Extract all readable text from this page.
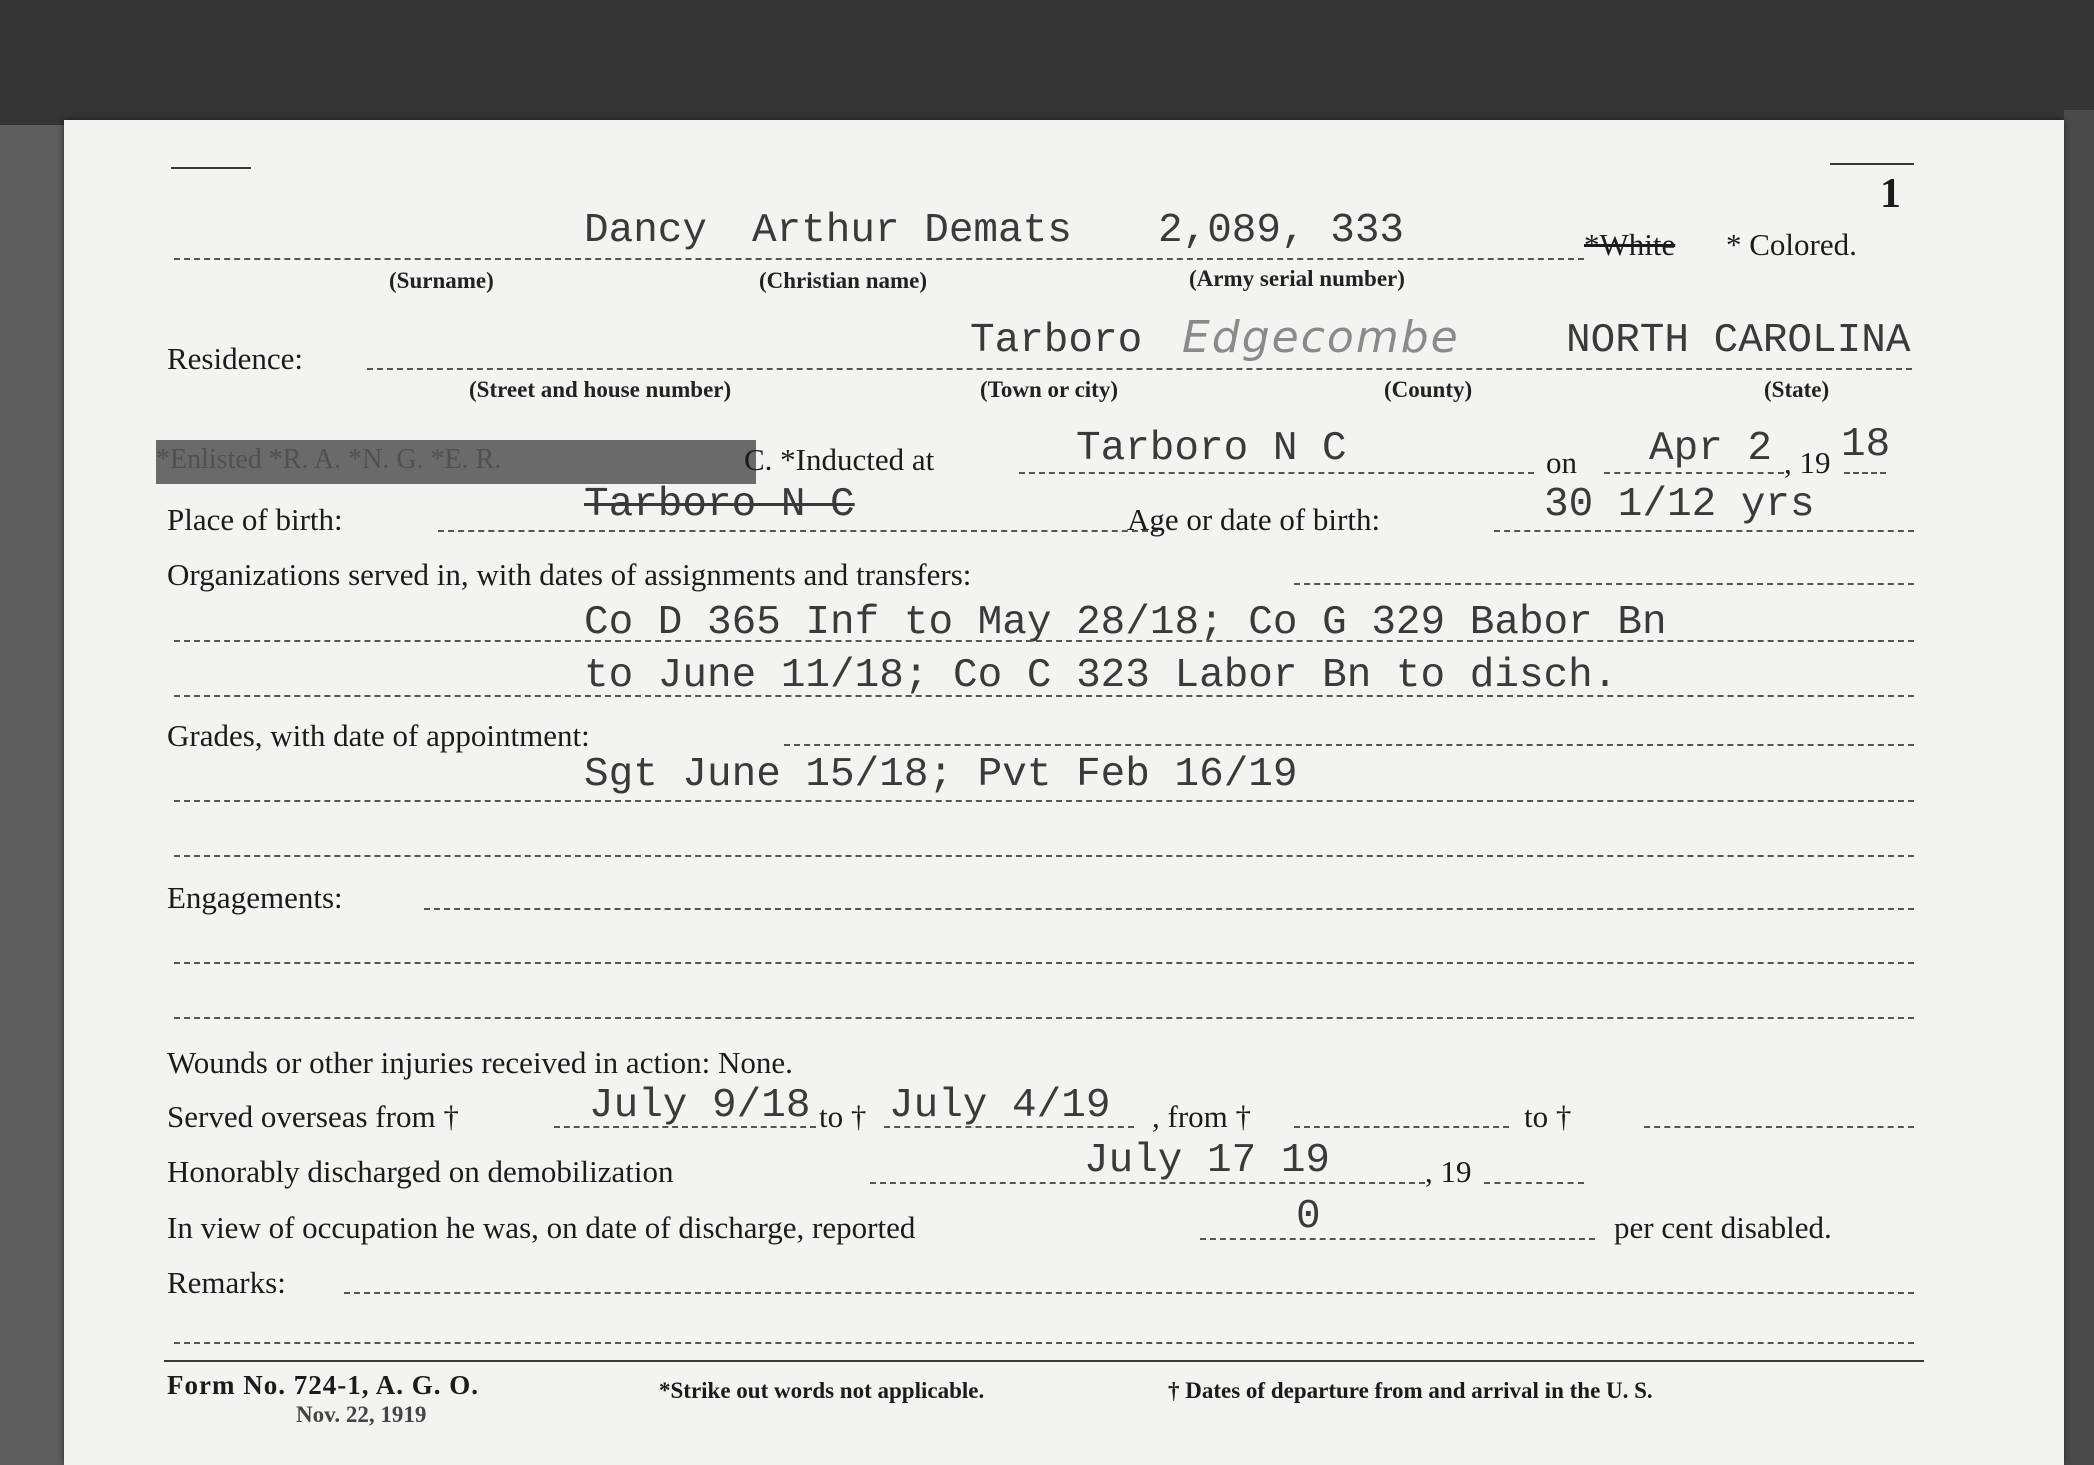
1
Dancy Arthur Demats 2,089, 333	*White * Colored.
(Surname)	(Christian name)	(Army serial number)
Residence:	Tarboro Edgecombe	NORTH CAROLINA
(Street and house number)	(Town or city)	(County)	(State)
*Enlisted *R. A. *N. G. *E. R.	C. *Inducted at	Tarboro N C	on Apr 2 , 19 18
Place of birth:	Tarboro N C	Age or date of birth:	30 1/12 yrs
Organizations served in, with dates of assignments and transfers:
Co D 365 Inf to May 28/18; Co G 329 Babor Bn
to June 11/18; Co C 323 Labor Bn to disch.
Grades, with date of appointment:
Sgt June 15/18; Pvt Feb 16/19
Engagements:
Wounds or other injuries received in action: None.
Served overseas from †	July 9/18 to † July 4/19 , from †	to †
Honorably discharged on demobilization	July 17 19	, 19
In view of occupation he was, on date of discharge, reported	0	per cent disabled.
Remarks:
Form No. 724-1, A. G. O.
Nov. 22, 1919
*Strike out words not applicable.	† Dates of departure from and arrival in the U. S.
